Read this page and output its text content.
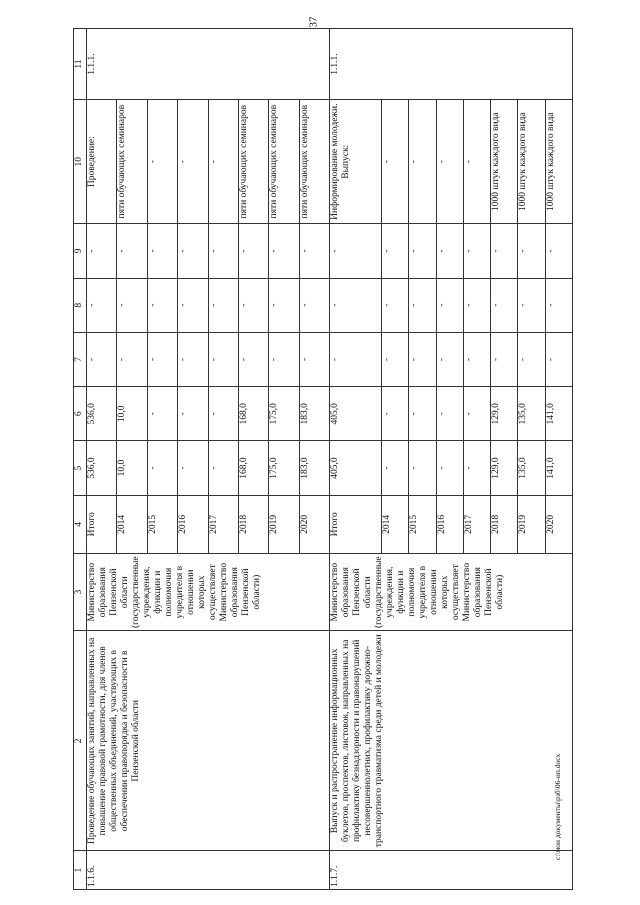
37
1	2	3	4	5	6	7	8	9	10	11
1.1.6.	Проведение обучающих занятий, направленных на повышение правовой грамотности, для членов общественных объединений, участвующих в обеспечении правопорядка и безопасности в Пензенской области	Министерство образования Пензенской области (государственные учреждения, функции и полномочия учредителя в отношении которых осуществляет Министерство образования Пензенской области)	Итого	536,0	536,0	-	-	-	Проведение:	1.1.1.
			2014	10,0	10,0	-	-	-	пяти обучающих семинаров	
			2015	-	-	-	-	-	-	
			2016	-	-	-	-	-	-	
			2017	-	-	-	-	-	-	
			2018	168,0	168,0	-	-	-	пяти обучающих семинаров	
			2019	175,0	175,0	-	-	-	пяти обучающих семинаров	
			2020	183,0	183,0	-	-	-	пяти обучающих семинаров	
1.1.7.	Выпуск и распространение информационных буклетов, проспектов, листовок, направленных на профилактику безнадзорности и правонарушений несовершеннолетних, профилактику дорожно-транспортного травматизма среди детей и молодежи	Министерство образования Пензенской области (государственные учреждения, функции и полномочия учредителя в отношении которых осуществляет Министерство образования Пензенской области)	Итого	405,0	405,0	-	-	-	Информирование молодежи. Выпуск:	1.1.1.
			2014	-	-	-	-	-	-	
			2015	-	-	-	-	-	-	
			2016	-	-	-	-	-	-	
			2017	-	-	-	-	-	-	
			2018	129,0	129,0	-	-	-	1000 штук каждого вида	
			2019	135,0	135,0	-	-	-	1000 штук каждого вида	
			2020	141,0	141,0	-	-	-	1000 штук каждого вида	
c:\мои документы\рзб\06-ип.docx
